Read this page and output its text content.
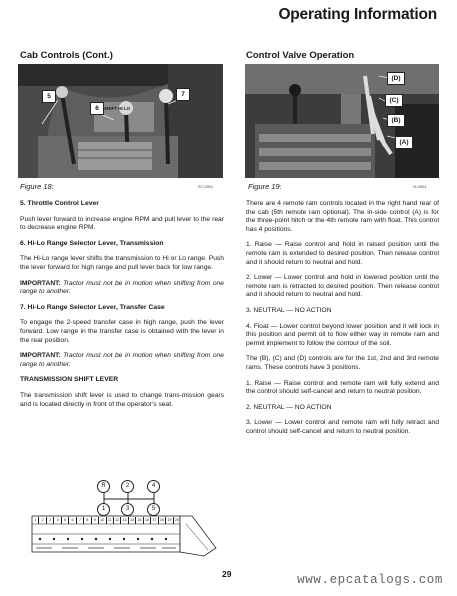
Operating Information
Cab Controls (Cont.)
SHIFT HI LO
5
6
7
Figure 18:	S7-0901
5. Throttle Control Lever

Push lever forward to increase engine RPM and pull lever to the rear to decrease engine RPM.

6. Hi-Lo Range Selector Lever, Transmission

The Hi-Lo range lever shifts the transmission to Hi or Lo range. Push the lever forward for high range and pull lever back for low range.

IMPORTANT: Tractor must not be in motion when shifting from one range to another.

7. Hi-Lo Range Selector Lever, Transfer Case

To engage the 2-speed transfer case in high range, push the lever forward. Low range in the transfer case is obtained with the lever in the rear position.

IMPORTANT: Tractor must not be in motion when shifting from one range to another.

TRANSMISSION SHIFT LEVER

The transmission shift lever is used to change trans-mission gears and is located directly in front of the operator's seat.

R	2	4
1	3	5
1	2	3	4	5	6	7	8	9	10 11 12 13 14 15 16 17 18 19 20
Control Valve Operation
(D)
(C)
(B)
(A)
Figure 19:	I3-0901

There are 4 remote ram controls located in the right hand rear of the cab (5th remote ram optional). The in-side control (A) is for the three-point hitch or the 4th remote ram with float. This control has 4 positions.

1. Raise — Raise control and hold in raised position until the remote ram is extended to desired position. Then release control and it should return to neutral and hold.

2. Lower — Lower control and hold in lowered position until the remote ram is retracted to desired position. Then release control and it should return to neutral and hold.

3. NEUTRAL — NO ACTION

4. Float — Lower control beyond lower position and it will lock in this position and permit oil to flow either way in remote ram and permit implement to follow the contour of the soil.

The (B), (C) and (D) controls are for the 1st, 2nd and 3rd remote rams. These controls have 3 positions.

1. Raise — Raise control and remote ram will fully extend and the control should self-cancel and return to neutral position.

2. NEUTRAL — NO ACTION

3. Lower — Lower control and remote ram will fully retract and control should self-cancel and return to neutral position.

29	www.epcatalogs.com
